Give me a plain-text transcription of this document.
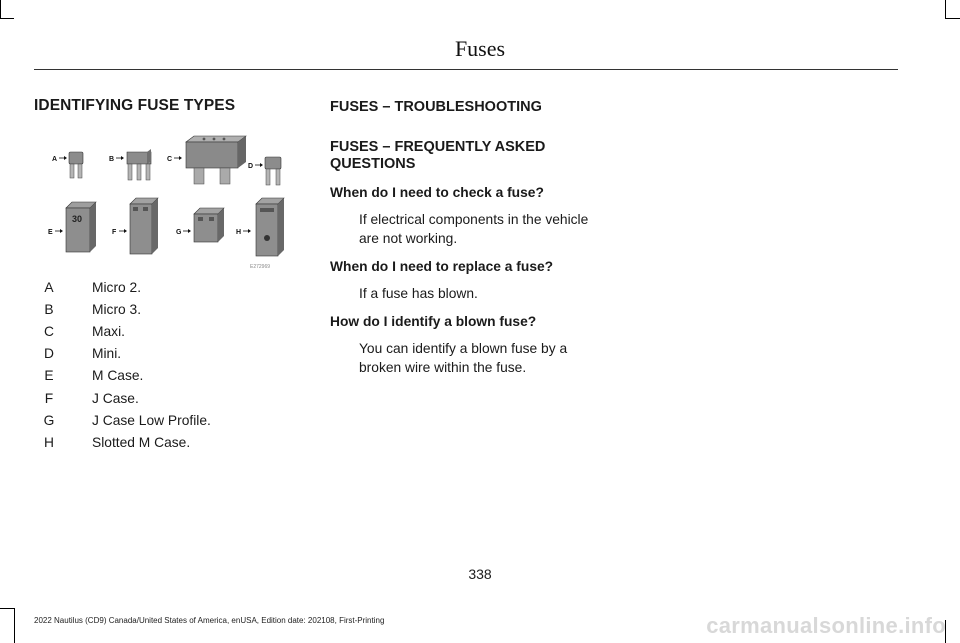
Fuses
IDENTIFYING FUSE TYPES
A	B	C
D
E
30
F	G	H
E272969
A	Micro 2.
B	Micro 3.
C	Maxi.
D	Mini.
E	M Case.
F	J Case.
G	J Case Low Profile.
H	Slotted M Case.
FUSES – TROUBLESHOOTING
FUSES – FREQUENTLY ASKED
QUESTIONS
When do I need to check a fuse?
If electrical components in the vehicle are not working.
When do I need to replace a fuse?
If a fuse has blown.
How do I identify a blown fuse?
You can identify a blown fuse by a broken wire within the fuse.
338
2022 Nautilus (CD9) Canada/United States of America, enUSA, Edition date: 202108, First-Printing	carmanualsonline.info
